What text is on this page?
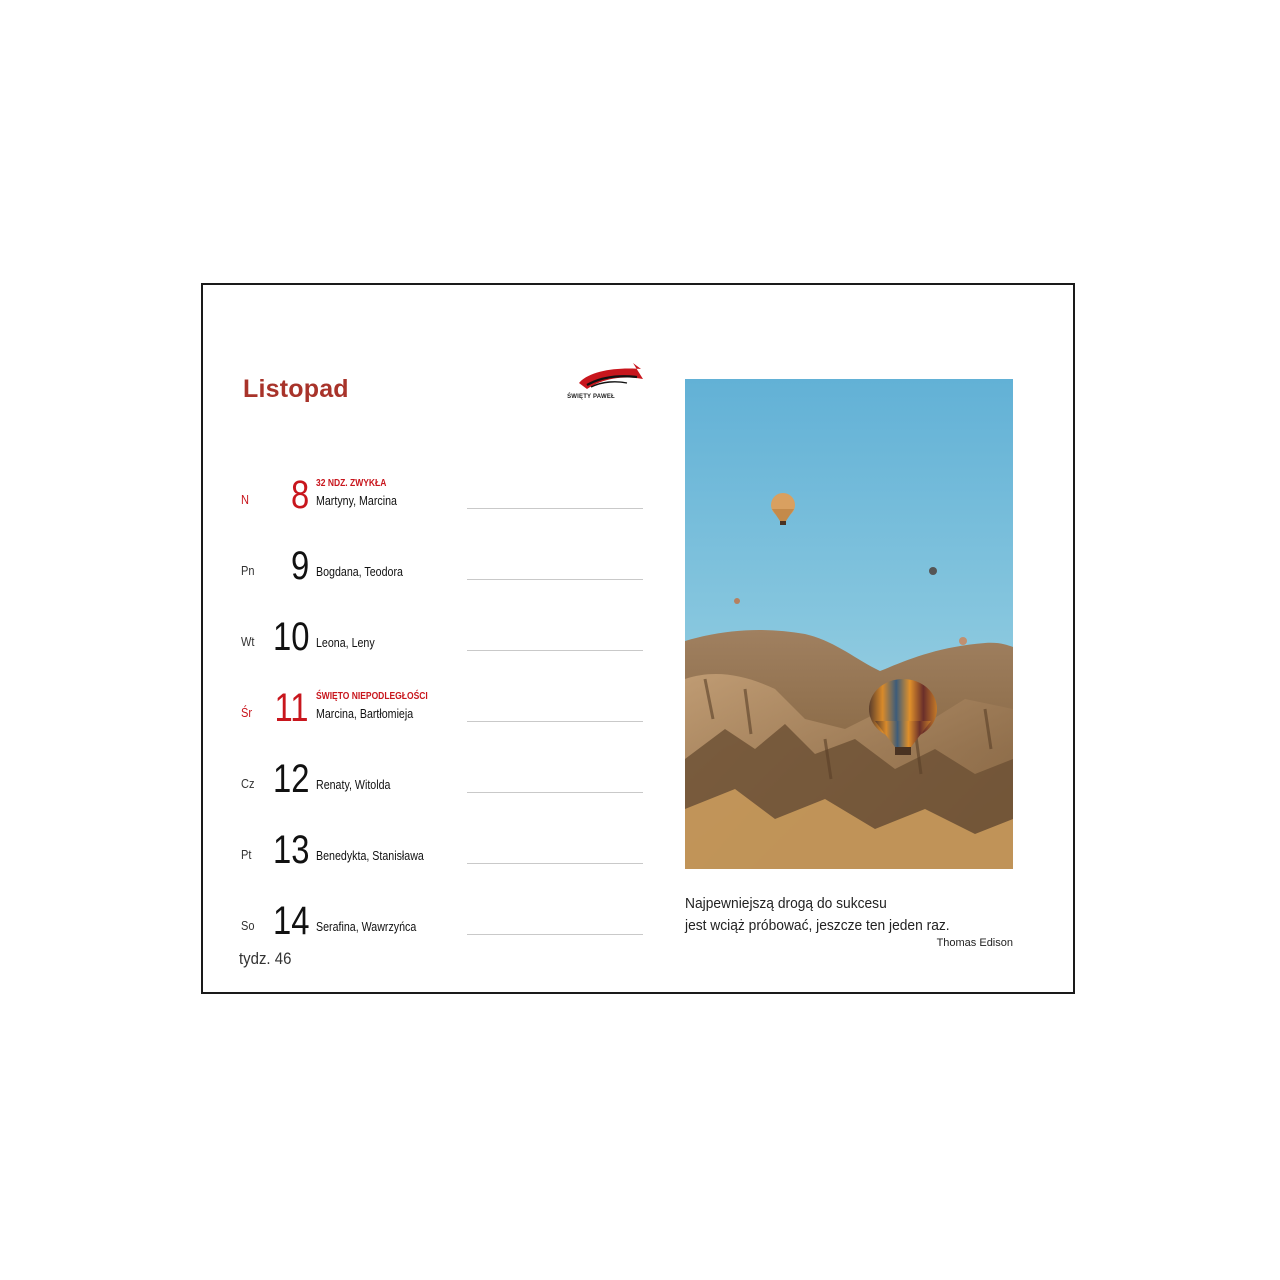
Listopad	ŚWIĘTY PAWEŁ
N 8 32 NDZ. ZWYKŁA
Martyny, Marcina
Pn 9 Bogdana, Teodora
Wt 10 Leona, Leny
Śr 11 ŚWIĘTO NIEPODLEGŁOŚCI
Marcina, Bartłomieja
Cz 12 Renaty, Witolda
Pt 13 Benedykta, Stanisława
So 14 Serafina, Wawrzyńca
tydz. 46
Najpewniejszą drogą do sukcesu
jest wciąż próbować, jeszcze ten jeden raz.
Thomas Edison
